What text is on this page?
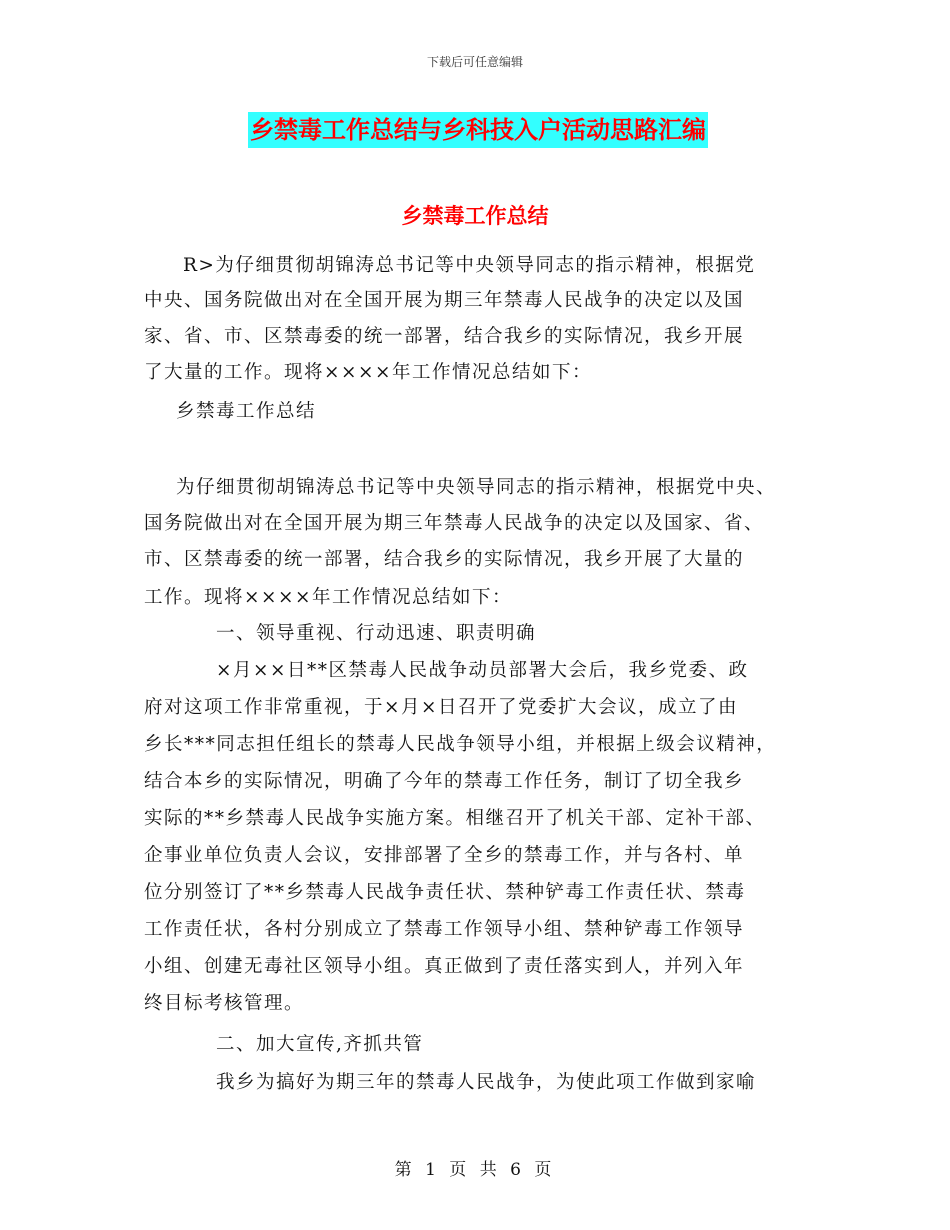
下载后可任意编辑
乡禁毒工作总结与乡科技入户活动思路汇编
乡禁毒工作总结
R>为仔细贯彻胡锦涛总书记等中央领导同志的指示精神，根据党
中央、国务院做出对在全国开展为期三年禁毒人民战争的决定以及国
家、省、市、区禁毒委的统一部署，结合我乡的实际情况，我乡开展
了大量的工作。现将××××年工作情况总结如下：
乡禁毒工作总结
为仔细贯彻胡锦涛总书记等中央领导同志的指示精神，根据党中央、
国务院做出对在全国开展为期三年禁毒人民战争的决定以及国家、省、
市、区禁毒委的统一部署，结合我乡的实际情况，我乡开展了大量的
工作。现将××××年工作情况总结如下：
一、领导重视、行动迅速、职责明确
×月××日**区禁毒人民战争动员部署大会后，我乡党委、政
府对这项工作非常重视，于×月×日召开了党委扩大会议，成立了由
乡长***同志担任组长的禁毒人民战争领导小组，并根据上级会议精神，
结合本乡的实际情况，明确了今年的禁毒工作任务，制订了切全我乡
实际的**乡禁毒人民战争实施方案。相继召开了机关干部、定补干部、
企事业单位负责人会议，安排部署了全乡的禁毒工作，并与各村、单
位分别签订了**乡禁毒人民战争责任状、禁种铲毒工作责任状、禁毒
工作责任状，各村分别成立了禁毒工作领导小组、禁种铲毒工作领导
小组、创建无毒社区领导小组。真正做到了责任落实到人，并列入年
终目标考核管理。
二、加大宣传,齐抓共管
我乡为搞好为期三年的禁毒人民战争，为使此项工作做到家喻
第 1 页 共 6 页
